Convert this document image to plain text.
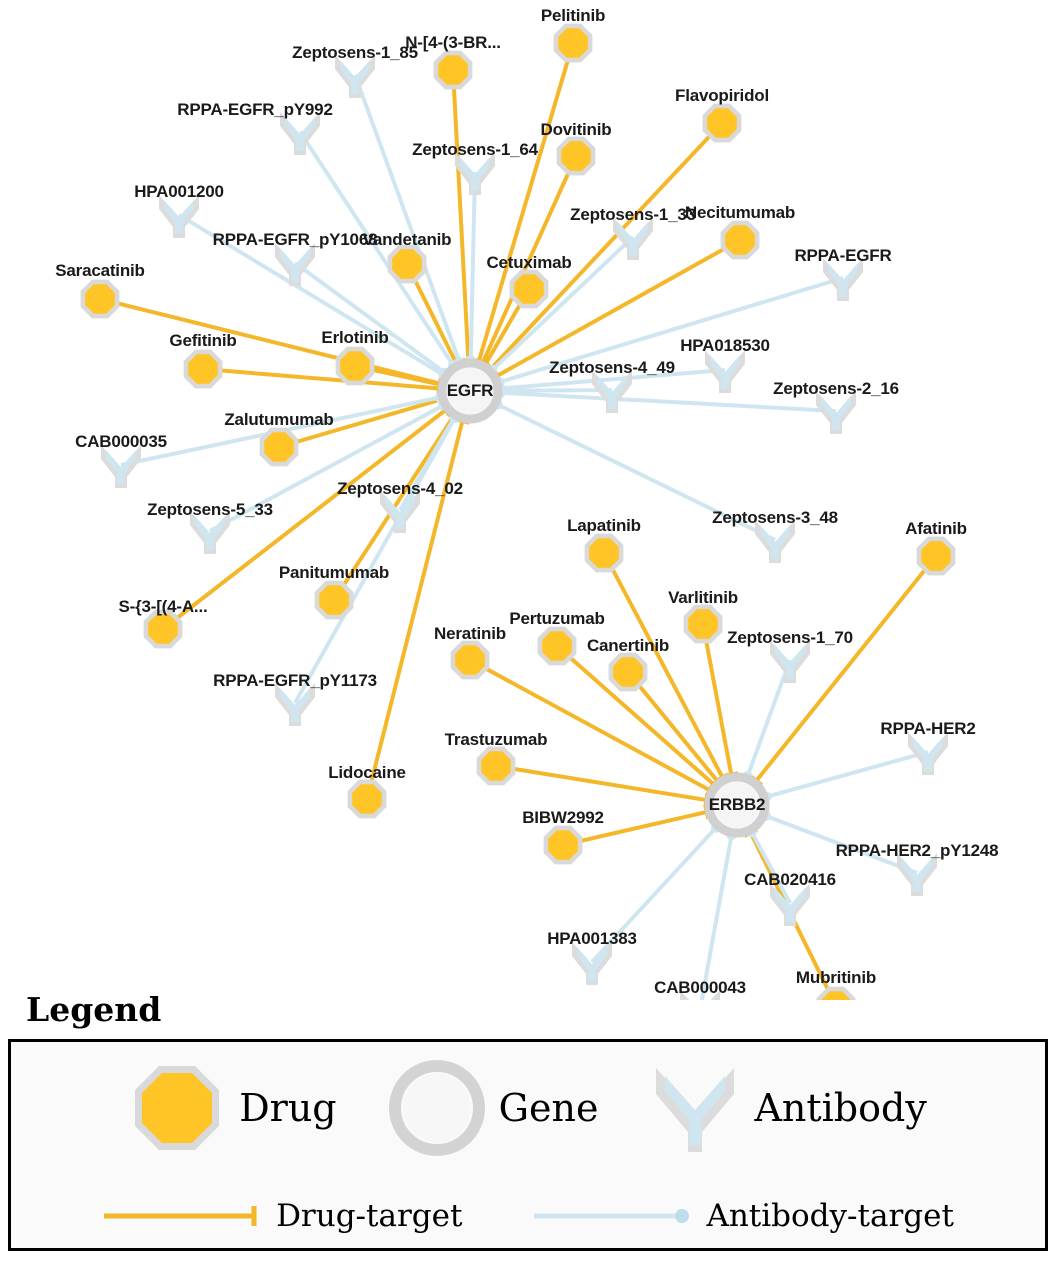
Pelitinib
N-[4-(3-BR...
Flavopiridol
Dovitinib
Necitumumab
Vandetanib
Cetuximab
Saracatinib
Gefitinib	Erlotinib
Zalutumumab
Lapatinib	Afatinib
Panitumumab
Varlitinib
S-{3-[(4-A...
Pertuzumab
Neratinib
Canertinib
Trastuzumab
Lidocaine
BIBW2992
Mubritinib
Zeptosens-1_85
RPPA-EGFR_pY992
Zeptosens-1_64
HPA001200
Zeptosens-1_33
RPPA-EGFR_pY1068
RPPA-EGFR
HPA018530
Zeptosens-4_49
Zeptosens-2_16
CAB000035
Zeptosens-4_02
Zeptosens-5_33	Zeptosens-3_48
Zeptosens-1_70
RPPA-EGFR_pY1173
RPPA-HER2
RPPA-HER2_pY1248
CAB020416
HPA001383
CAB000043
EGFR
ERBB2
Legend
Drug	Gene	Antibody
Drug-target	Antibody-target
